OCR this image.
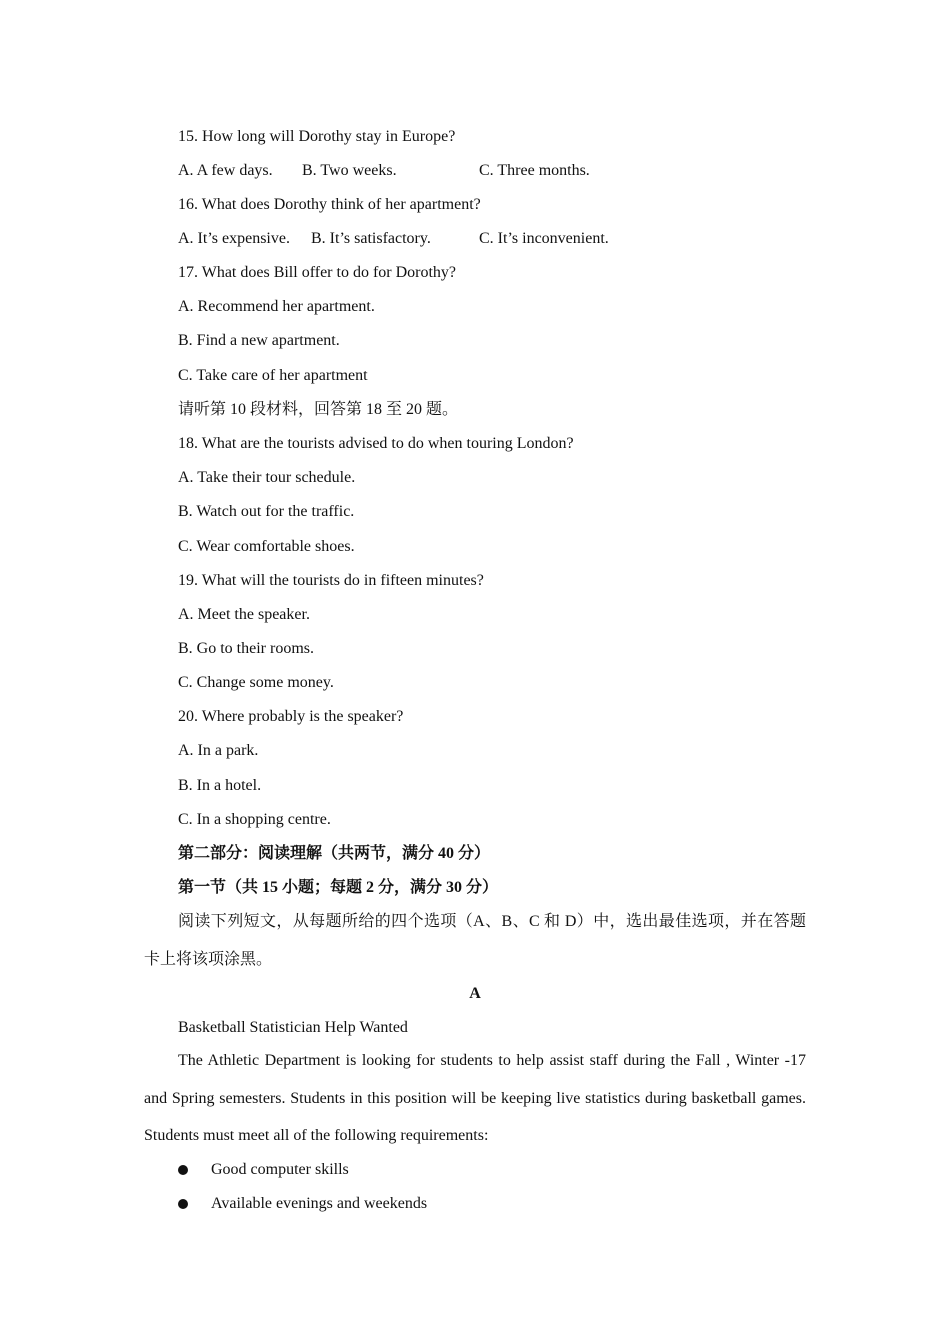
15. How long will Dorothy stay in Europe?
A. A few days. B. Two weeks.	C. Three months.
16. What does Dorothy think of her apartment?
A. It’s expensive. B. It’s satisfactory.	C. It’s inconvenient.
17. What does Bill offer to do for Dorothy?
A. Recommend her apartment.
B. Find a new apartment.
C. Take care of her apartment
请听第 10 段材料，回答第 18 至 20 题。
18. What are the tourists advised to do when touring London?
A. Take their tour schedule.
B. Watch out for the traffic.
C. Wear comfortable shoes.
19. What will the tourists do in fifteen minutes?
A. Meet the speaker.
B. Go to their rooms.
C. Change some money.
20. Where probably is the speaker?
A. In a park.
B. In a hotel.
C. In a shopping centre.
第二部分：阅读理解（共两节，满分 40 分）
第一节（共 15 小题；每题 2 分，满分 30 分）
阅读下列短文，从每题所给的四个选项（A、B、C 和 D）中，选出最佳选项，并在答题卡上将该项涂黑。
A
Basketball Statistician Help Wanted
The Athletic Department is looking for students to help assist staff during the Fall , Winter -17 and Spring semesters. Students in this position will be keeping live statistics during basketball games. Students must meet all of the following requirements:
Good computer skills
Available evenings and weekends
